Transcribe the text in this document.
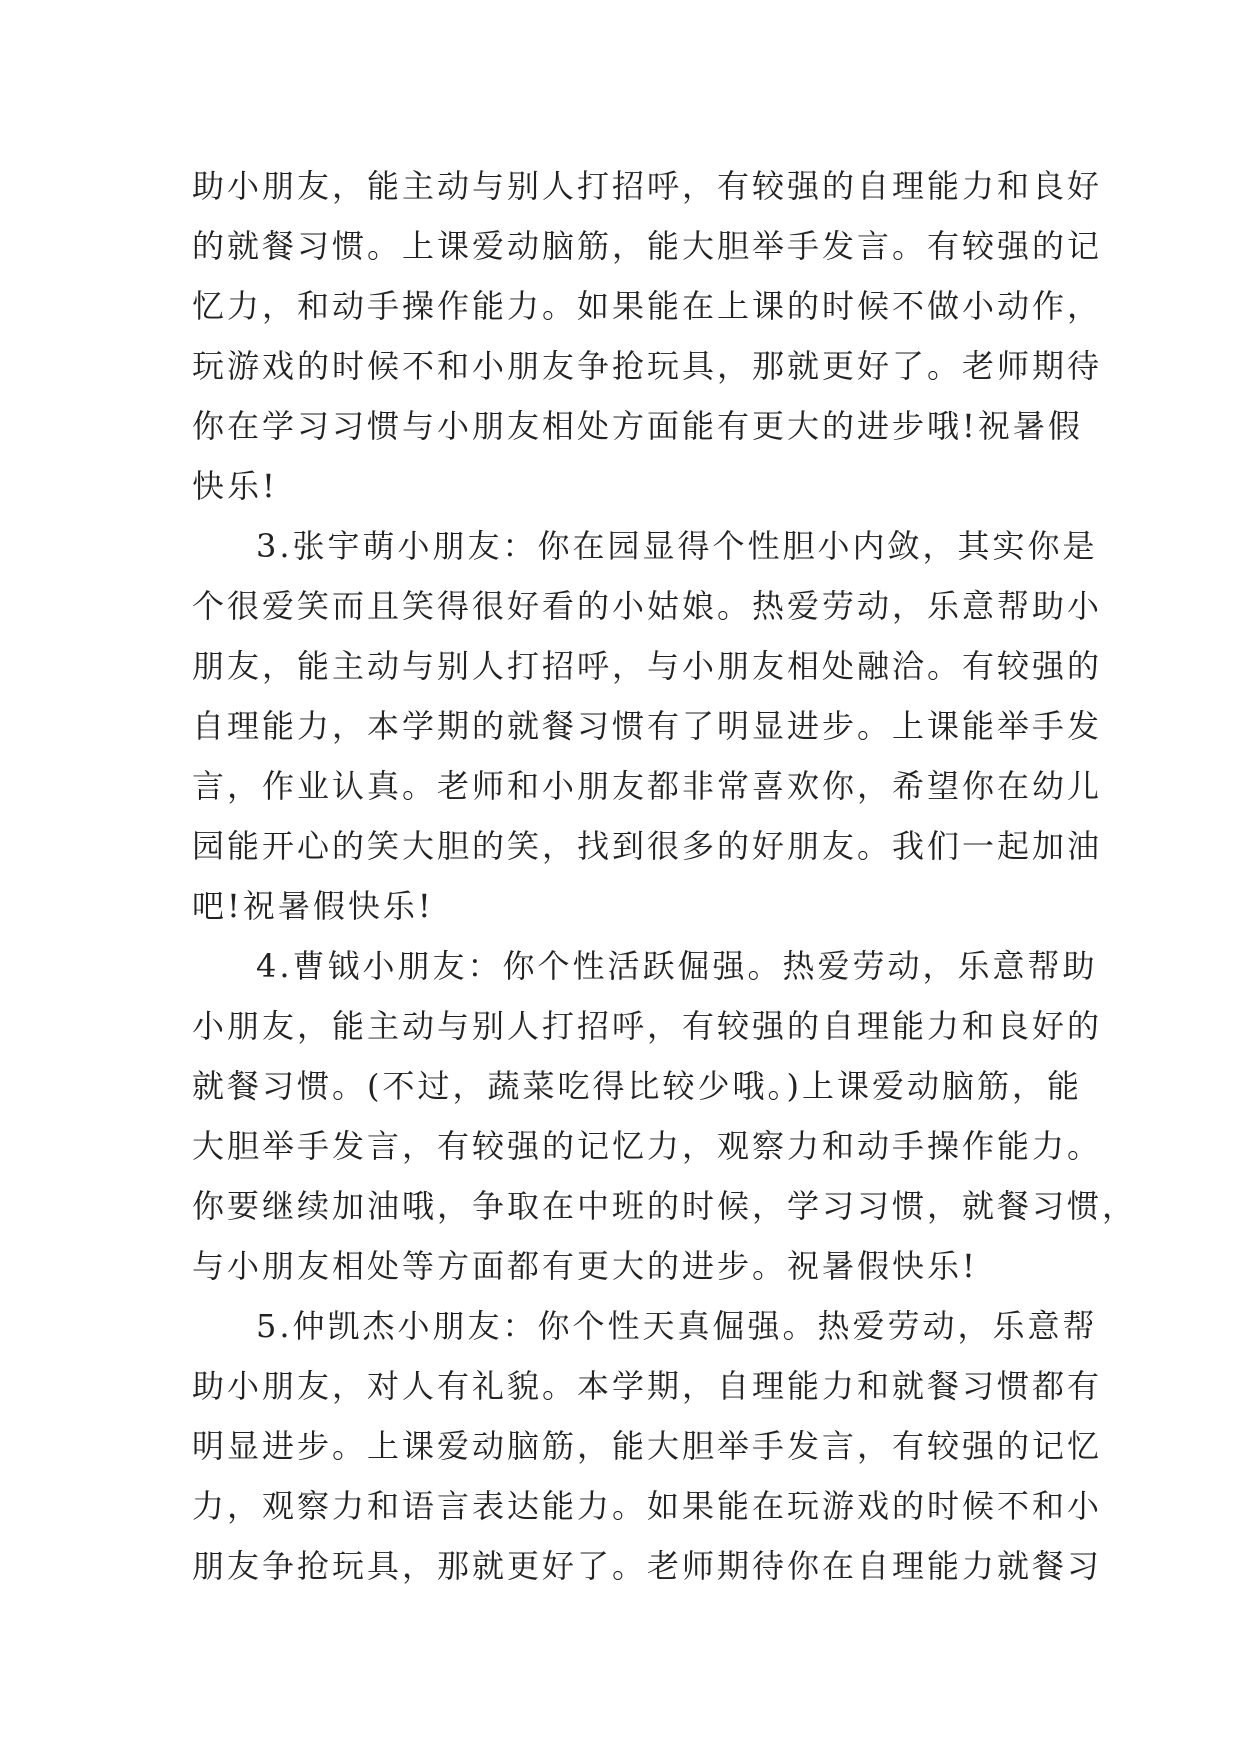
助小朋友，能主动与别人打招呼，有较强的自理能力和良好
的就餐习惯。上课爱动脑筋，能大胆举手发言。有较强的记
忆力，和动手操作能力。如果能在上课的时候不做小动作，
玩游戏的时候不和小朋友争抢玩具，那就更好了。老师期待
你在学习习惯与小朋友相处方面能有更大的进步哦!祝暑假
快乐!
3.张宇萌小朋友：你在园显得个性胆小内敛，其实你是
个很爱笑而且笑得很好看的小姑娘。热爱劳动，乐意帮助小
朋友，能主动与别人打招呼，与小朋友相处融洽。有较强的
自理能力，本学期的就餐习惯有了明显进步。上课能举手发
言，作业认真。老师和小朋友都非常喜欢你，希望你在幼儿
园能开心的笑大胆的笑，找到很多的好朋友。我们一起加油
吧!祝暑假快乐!
4.曹钺小朋友：你个性活跃倔强。热爱劳动，乐意帮助
小朋友，能主动与别人打招呼，有较强的自理能力和良好的
就餐习惯。(不过，蔬菜吃得比较少哦。)上课爱动脑筋，能
大胆举手发言，有较强的记忆力，观察力和动手操作能力。
你要继续加油哦，争取在中班的时候，学习习惯，就餐习惯，
与小朋友相处等方面都有更大的进步。祝暑假快乐!
5.仲凯杰小朋友：你个性天真倔强。热爱劳动，乐意帮
助小朋友，对人有礼貌。本学期，自理能力和就餐习惯都有
明显进步。上课爱动脑筋，能大胆举手发言，有较强的记忆
力，观察力和语言表达能力。如果能在玩游戏的时候不和小
朋友争抢玩具，那就更好了。老师期待你在自理能力就餐习
